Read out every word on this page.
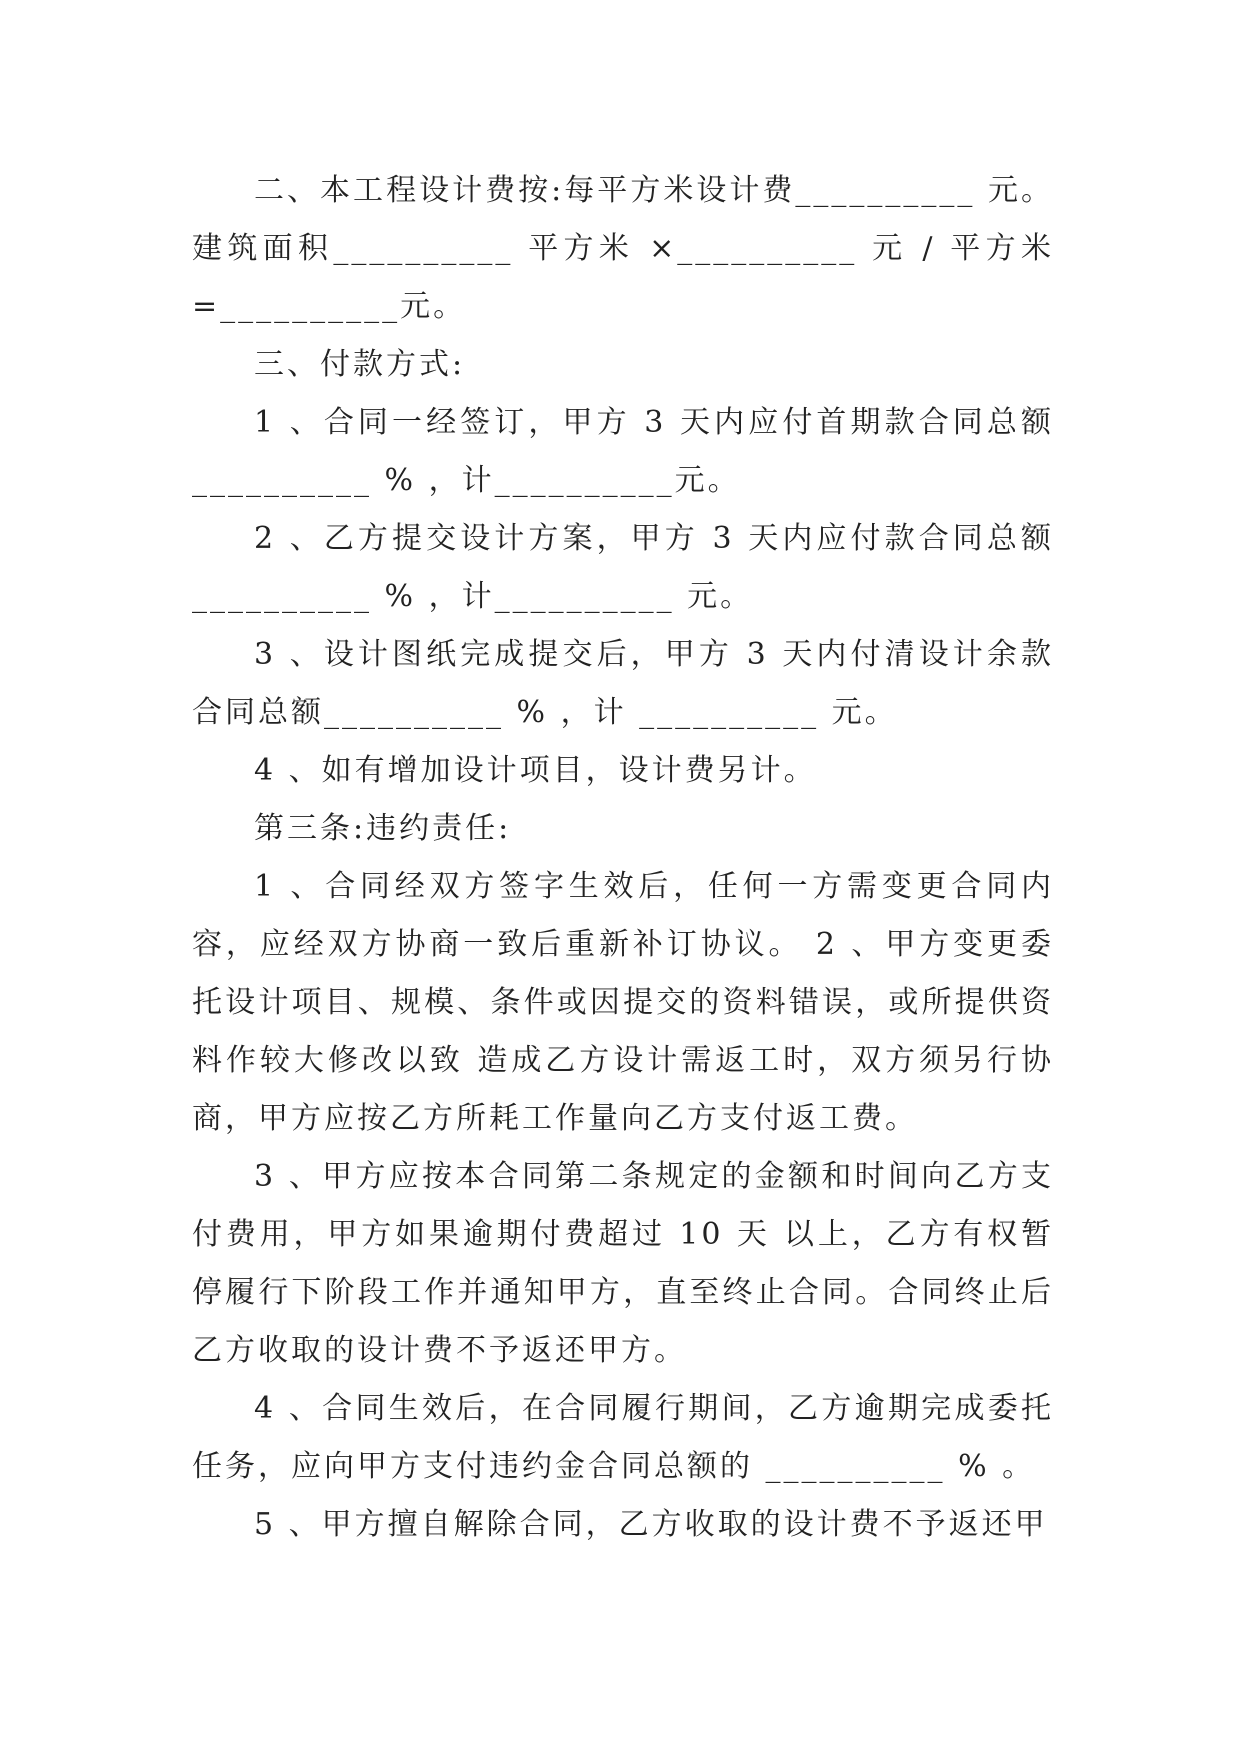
二、本工程设计费按:每平方米设计费__________ 元。建筑面积__________ 平方米 ×__________ 元 / 平方米 =__________元。

三、付款方式:

1 、合同一经签订，甲方 3 天内应付首期款合同总额__________ % ，计__________元。

2 、乙方提交设计方案，甲方 3 天内应付款合同总额__________ % ，计__________ 元。

3 、设计图纸完成提交后，甲方 3 天内付清设计余款合同总额__________ % ，计 __________ 元。

4 、如有增加设计项目，设计费另计。

第三条:违约责任:

1 、合同经双方签字生效后，任何一方需变更合同内容，应经双方协商一致后重新补订协议。 2 、甲方变更委托设计项目、规模、条件或因提交的资料错误，或所提供资料作较大修改以致 造成乙方设计需返工时，双方须另行协商，甲方应按乙方所耗工作量向乙方支付返工费。

3 、甲方应按本合同第二条规定的金额和时间向乙方支付费用，甲方如果逾期付费超过 10 天 以上，乙方有权暂停履行下阶段工作并通知甲方，直至终止合同。合同终止后乙方收取的设计费不予返还甲方。

4 、合同生效后，在合同履行期间，乙方逾期完成委托任务，应向甲方支付违约金合同总额的 __________ % 。

5 、甲方擅自解除合同，乙方收取的设计费不予返还甲
